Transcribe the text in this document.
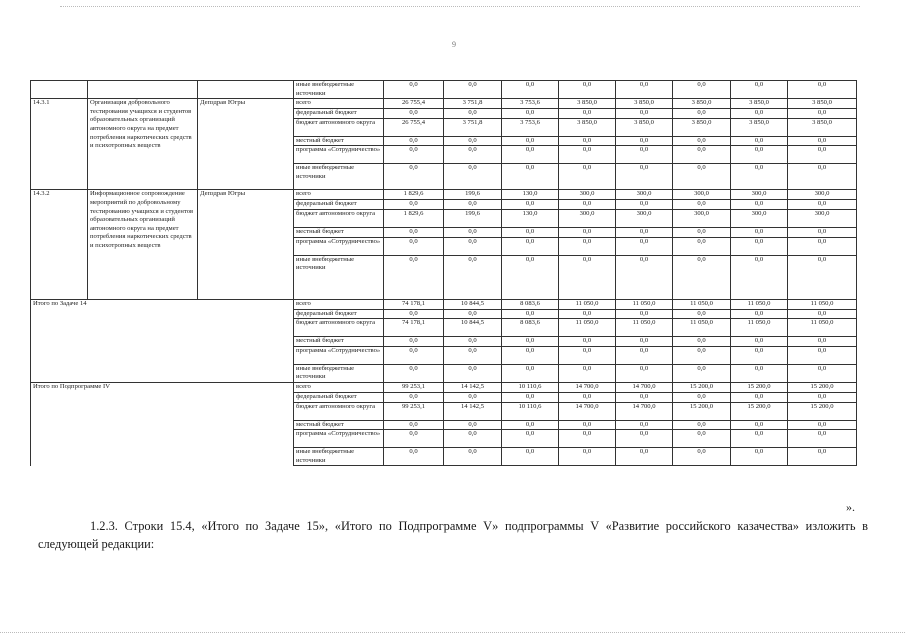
9
			иные внебюджетные источники	0,0	0,0	0,0	0,0	0,0	0,0	0,0	0,0
14.3.1	Организация добровольного тестирования учащихся и студентов образовательных организаций автономного округа на предмет потребления наркотических средств и психотропных веществ	Депздрав Югры	всего	26 755,4	3 751,8	3 753,6	3 850,0	3 850,0	3 850,0	3 850,0	3 850,0
			федеральный бюджет	0,0	0,0	0,0	0,0	0,0	0,0	0,0	0,0
			бюджет автономного округа	26 755,4	3 751,8	3 753,6	3 850,0	3 850,0	3 850,0	3 850,0	3 850,0
			местный бюджет	0,0	0,0	0,0	0,0	0,0	0,0	0,0	0,0
			программа «Сотрудничество»	0,0	0,0	0,0	0,0	0,0	0,0	0,0	0,0
			иные внебюджетные источники	0,0	0,0	0,0	0,0	0,0	0,0	0,0	0,0
14.3.2	Информационное сопровождение мероприятий по добровольному тестированию учащихся и студентов образовательных организаций автономного округа на предмет потребления наркотических средств и психотропных веществ	Депздрав Югры	всего	1 829,6	199,6	130,0	300,0	300,0	300,0	300,0	300,0
			федеральный бюджет	0,0	0,0	0,0	0,0	0,0	0,0	0,0	0,0
			бюджет автономного округа	1 829,6	199,6	130,0	300,0	300,0	300,0	300,0	300,0
			местный бюджет	0,0	0,0	0,0	0,0	0,0	0,0	0,0	0,0
			программа «Сотрудничество»	0,0	0,0	0,0	0,0	0,0	0,0	0,0	0,0
			иные внебюджетные источники	0,0	0,0	0,0	0,0	0,0	0,0	0,0	0,0
Итого по Задаче 14			всего	74 178,1	10 844,5	8 083,6	11 050,0	11 050,0	11 050,0	11 050,0	11 050,0
			федеральный бюджет	0,0	0,0	0,0	0,0	0,0	0,0	0,0	0,0
			бюджет автономного округа	74 178,1	10 844,5	8 083,6	11 050,0	11 050,0	11 050,0	11 050,0	11 050,0
			местный бюджет	0,0	0,0	0,0	0,0	0,0	0,0	0,0	0,0
			программа «Сотрудничество»	0,0	0,0	0,0	0,0	0,0	0,0	0,0	0,0
			иные внебюджетные источники	0,0	0,0	0,0	0,0	0,0	0,0	0,0	0,0
Итого по Подпрограмме IV			всего	99 253,1	14 142,5	10 110,6	14 700,0	14 700,0	15 200,0	15 200,0	15 200,0
			федеральный бюджет	0,0	0,0	0,0	0,0	0,0	0,0	0,0	0,0
			бюджет автономного округа	99 253,1	14 142,5	10 110,6	14 700,0	14 700,0	15 200,0	15 200,0	15 200,0
			местный бюджет	0,0	0,0	0,0	0,0	0,0	0,0	0,0	0,0
			программа «Сотрудничество»	0,0	0,0	0,0	0,0	0,0	0,0	0,0	0,0
			иные внебюджетные источники	0,0	0,0	0,0	0,0	0,0	0,0	0,0	0,0
».
1.2.3. Строки 15.4, «Итого по Задаче 15», «Итого по Подпрограмме V» подпрограммы V «Развитие российского казачества» изложить в следующей редакции:
